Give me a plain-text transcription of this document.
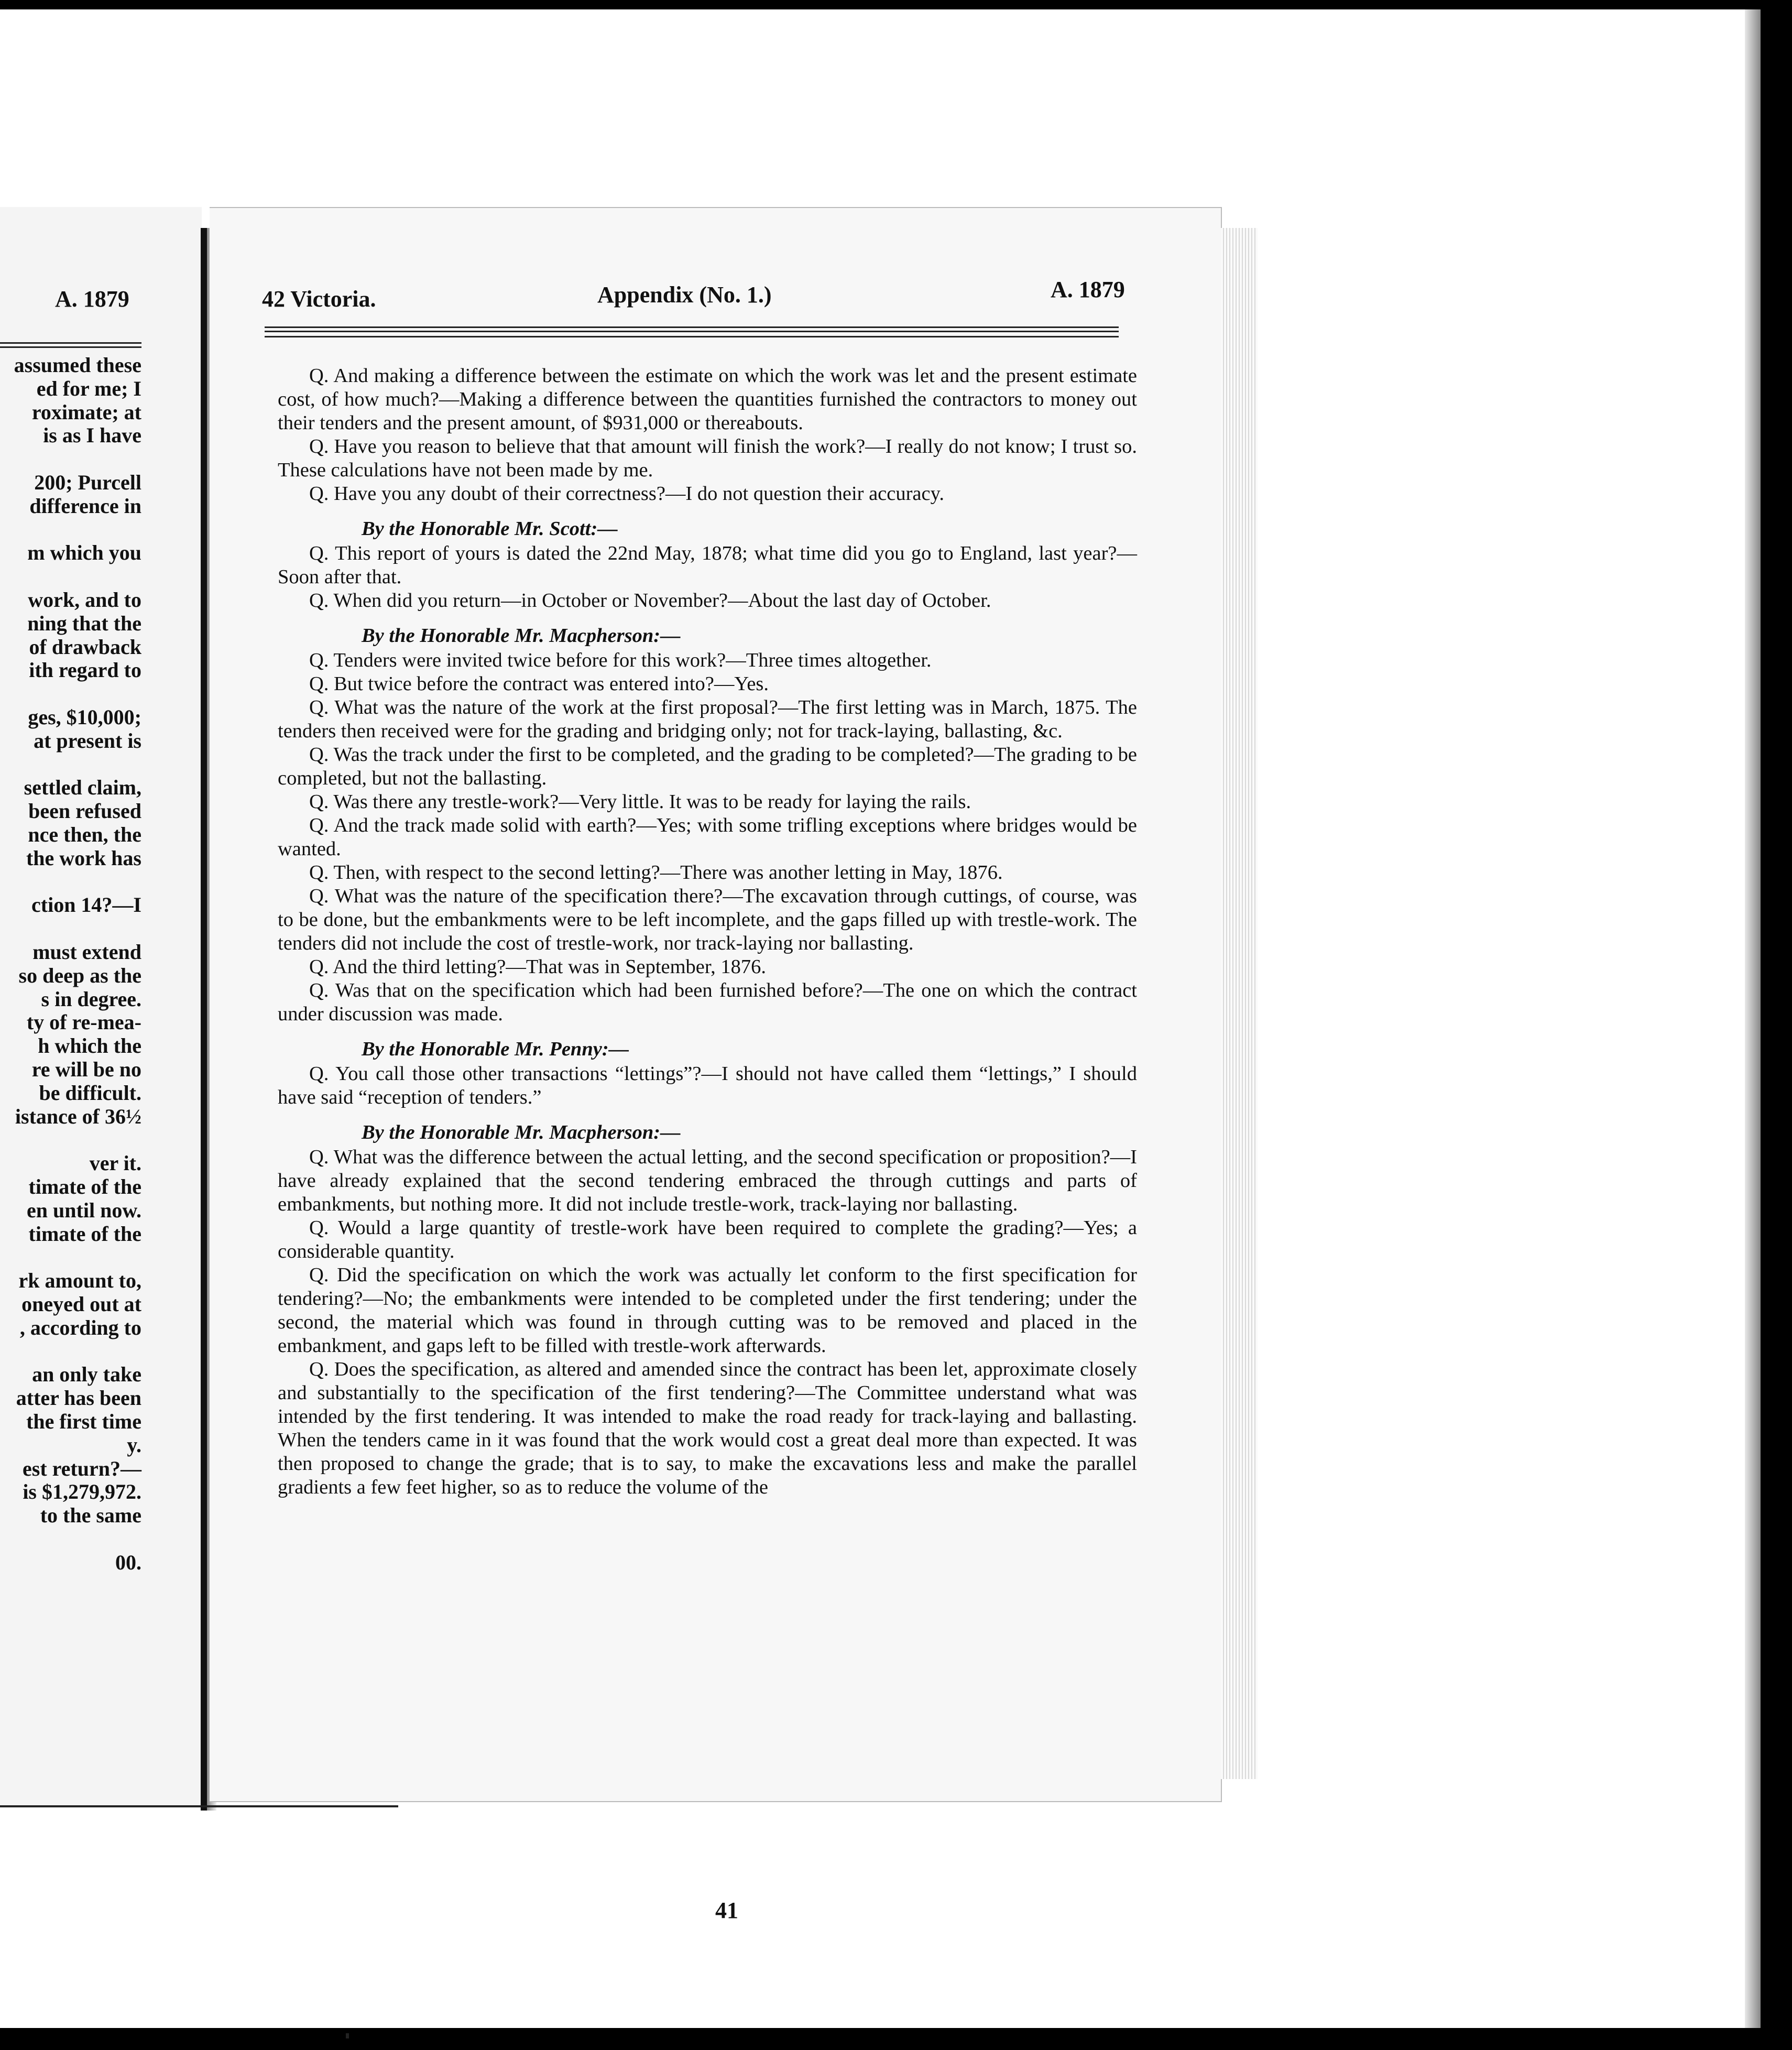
A. 1879
assumed these
ed for me; I
roximate; at
is as I have
200; Purcell
difference in
m which you
work, and to
ning that the
of drawback
ith regard to
ges, $10,000;
at present is
settled claim,
been refused
nce then, the
the work has
ction 14?—I
must extend
so deep as the
s in degree.
ty of re-mea-
h which the
re will be no
be difficult.
istance of 36½
ver it.
timate of the
en until now.
timate of the
rk amount to,
oneyed out at
, according to
an only take
atter has been
the first time
y.
est return?—
is $1,279,972.
to the same
00.
42 Victoria.	Appendix (No. 1.)	A. 1879

Q. And making a difference between the estimate on which the work was let and the present estimate cost, of how much?—Making a difference between the quantities furnished the contractors to money out their tenders and the present amount, of $931,000 or thereabouts.

Q. Have you reason to believe that that amount will finish the work?—I really do not know; I trust so. These calculations have not been made by me.

Q. Have you any doubt of their correctness?—I do not question their accuracy.

By the Honorable Mr. Scott:—

Q. This report of yours is dated the 22nd May, 1878; what time did you go to England, last year?—Soon after that.

Q. When did you return—in October or November?—About the last day of October.

By the Honorable Mr. Macpherson:—

Q. Tenders were invited twice before for this work?—Three times altogether.

Q. But twice before the contract was entered into?—Yes.

Q. What was the nature of the work at the first proposal?—The first letting was in March, 1875. The tenders then received were for the grading and bridging only; not for track-laying, ballasting, &c.

Q. Was the track under the first to be completed, and the grading to be completed?—The grading to be completed, but not the ballasting.

Q. Was there any trestle-work?—Very little. It was to be ready for laying the rails.

Q. And the track made solid with earth?—Yes; with some trifling exceptions where bridges would be wanted.

Q. Then, with respect to the second letting?—There was another letting in May, 1876.

Q. What was the nature of the specification there?—The excavation through cuttings, of course, was to be done, but the embankments were to be left incomplete, and the gaps filled up with trestle-work. The tenders did not include the cost of trestle-work, nor track-laying nor ballasting.

Q. And the third letting?—That was in September, 1876.

Q. Was that on the specification which had been furnished before?—The one on which the contract under discussion was made.

By the Honorable Mr. Penny:—

Q. You call those other transactions “lettings”?—I should not have called them “lettings,” I should have said “reception of tenders.”

By the Honorable Mr. Macpherson:—

Q. What was the difference between the actual letting, and the second specification or proposition?—I have already explained that the second tendering embraced the through cuttings and parts of embankments, but nothing more. It did not include trestle-work, track-laying nor ballasting.

Q. Would a large quantity of trestle-work have been required to complete the grading?—Yes; a considerable quantity.

Q. Did the specification on which the work was actually let conform to the first specification for tendering?—No; the embankments were intended to be completed under the first tendering; under the second, the material which was found in through cutting was to be removed and placed in the embankment, and gaps left to be filled with trestle-work afterwards.

Q. Does the specification, as altered and amended since the contract has been let, approximate closely and substantially to the specification of the first tendering?—The Committee understand what was intended by the first tendering. It was intended to make the road ready for track-laying and ballasting. When the tenders came in it was found that the work would cost a great deal more than expected. It was then proposed to change the grade; that is to say, to make the excavations less and make the parallel gradients a few feet higher, so as to reduce the volume of the

41
